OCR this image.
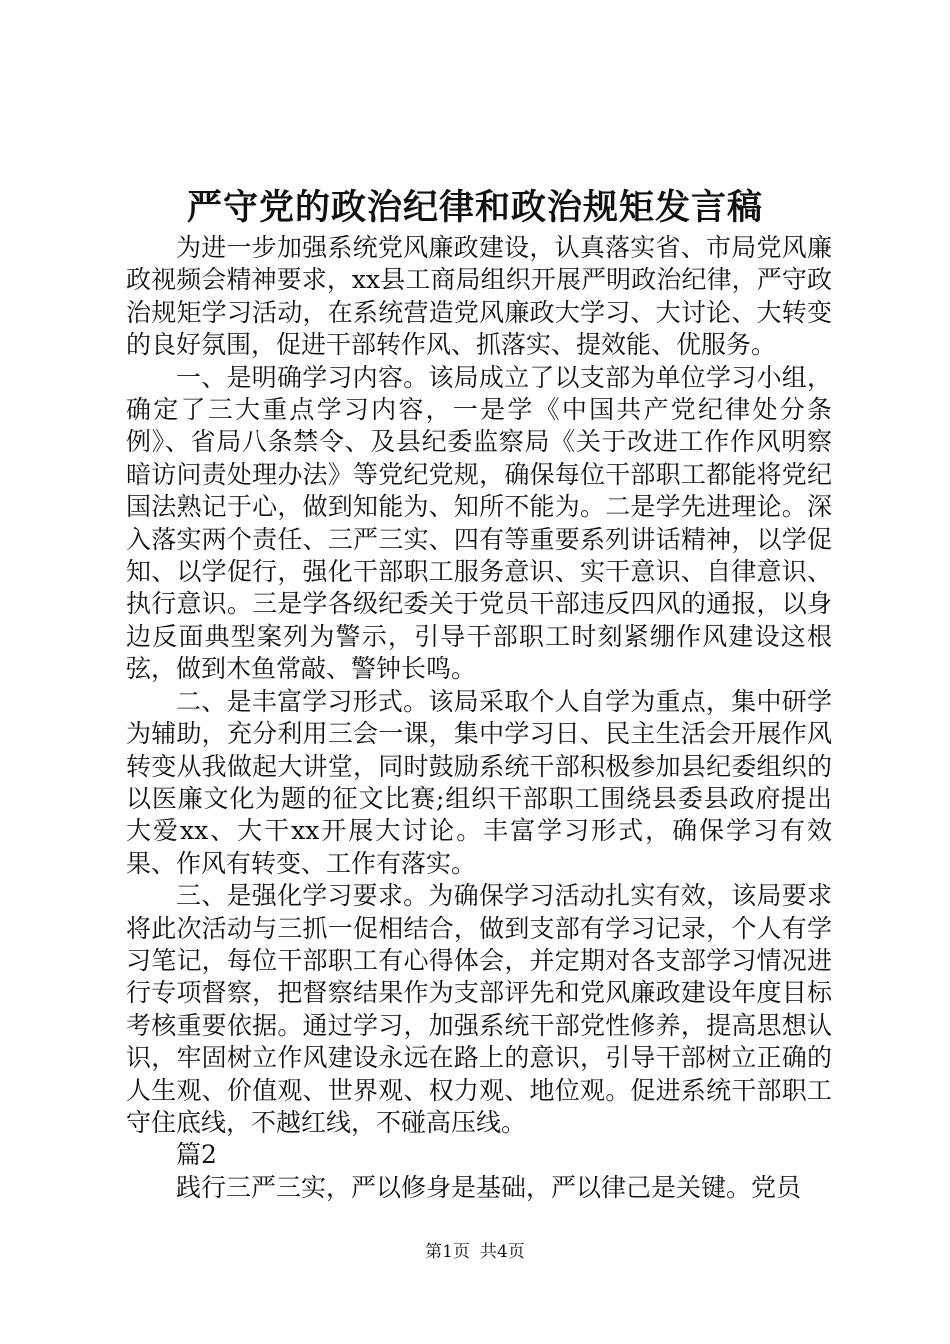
严守党的政治纪律和政治规矩发言稿

为进一步加强系统党风廉政建设，认真落实省、市局党风廉政视频会精神要求，xx县工商局组织开展严明政治纪律，严守政治规矩学习活动，在系统营造党风廉政大学习、大讨论、大转变的良好氛围，促进干部转作风、抓落实、提效能、优服务。

一、是明确学习内容。该局成立了以支部为单位学习小组，确定了三大重点学习内容，一是学《中国共产党纪律处分条例》、省局八条禁令、及县纪委监察局《关于改进工作作风明察暗访问责处理办法》等党纪党规，确保每位干部职工都能将党纪国法熟记于心，做到知能为、知所不能为。二是学先进理论。深入落实两个责任、三严三实、四有等重要系列讲话精神，以学促知、以学促行，强化干部职工服务意识、实干意识、自律意识、执行意识。三是学各级纪委关于党员干部违反四风的通报，以身边反面典型案列为警示，引导干部职工时刻紧绷作风建设这根弦，做到木鱼常敲、警钟长鸣。

二、是丰富学习形式。该局采取个人自学为重点，集中研学为辅助，充分利用三会一课，集中学习日、民主生活会开展作风转变从我做起大讲堂，同时鼓励系统干部积极参加县纪委组织的以医廉文化为题的征文比赛;组织干部职工围绕县委县政府提出大爱xx、大干xx开展大讨论。丰富学习形式，确保学习有效果、作风有转变、工作有落实。

三、是强化学习要求。为确保学习活动扎实有效，该局要求将此次活动与三抓一促相结合，做到支部有学习记录，个人有学习笔记，每位干部职工有心得体会，并定期对各支部学习情况进行专项督察，把督察结果作为支部评先和党风廉政建设年度目标考核重要依据。通过学习，加强系统干部党性修养，提高思想认识，牢固树立作风建设永远在路上的意识，引导干部树立正确的人生观、价值观、世界观、权力观、地位观。促进系统干部职工守住底线，不越红线，不碰高压线。

篇2

践行三严三实，严以修身是基础，严以律己是关键。党员

第1页 共4页
